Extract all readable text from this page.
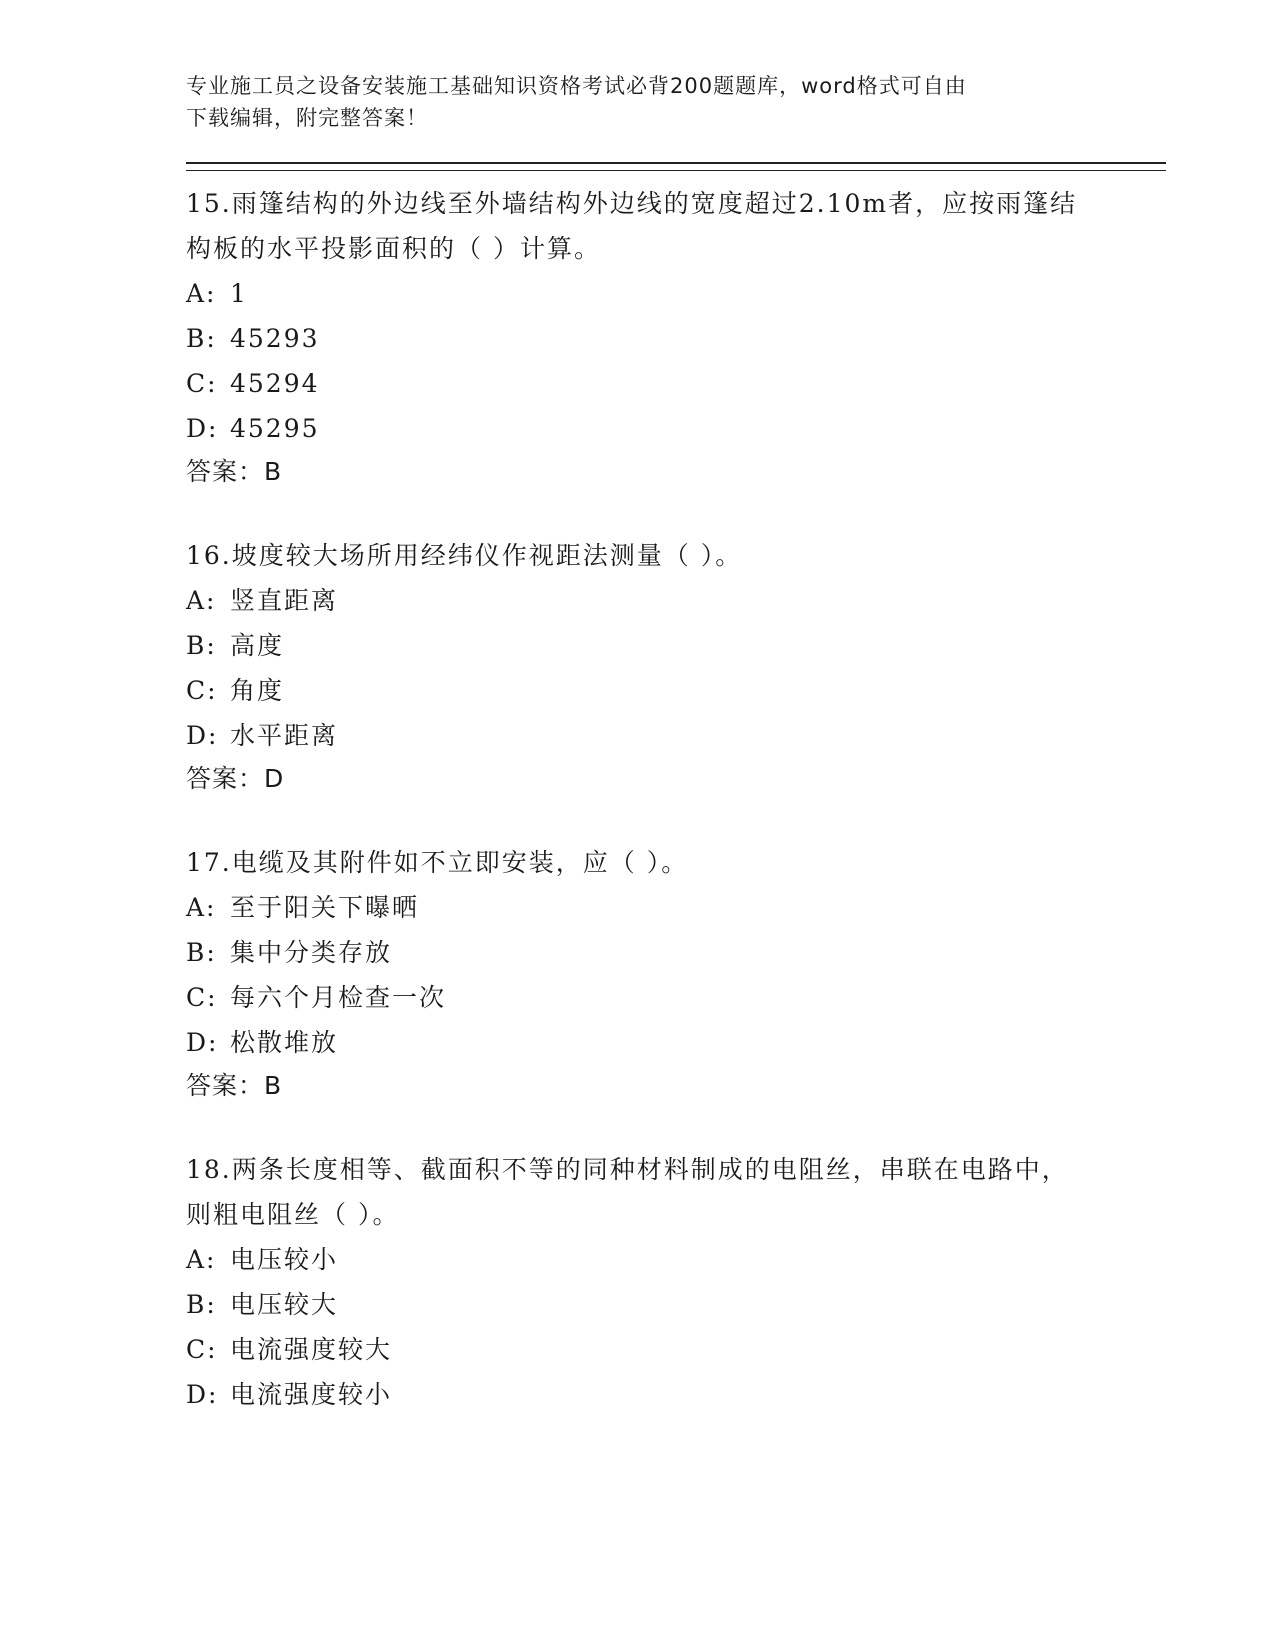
专业施工员之设备安装施工基础知识资格考试必背200题题库，word格式可自由
下载编辑，附完整答案！
15.雨篷结构的外边线至外墙结构外边线的宽度超过2.10m者，应按雨篷结构板的水平投影面积的（ ）计算。
A: 1
B: 45293
C: 45294
D: 45295
答案：B
16.坡度较大场所用经纬仪作视距法测量（ ）。
A: 竖直距离
B: 高度
C: 角度
D: 水平距离
答案：D
17.电缆及其附件如不立即安装，应（ ）。
A: 至于阳关下曝晒
B: 集中分类存放
C: 每六个月检查一次
D: 松散堆放
答案：B
18.两条长度相等、截面积不等的同种材料制成的电阻丝，串联在电路中，则粗电阻丝（ ）。
A: 电压较小
B: 电压较大
C: 电流强度较大
D: 电流强度较小
